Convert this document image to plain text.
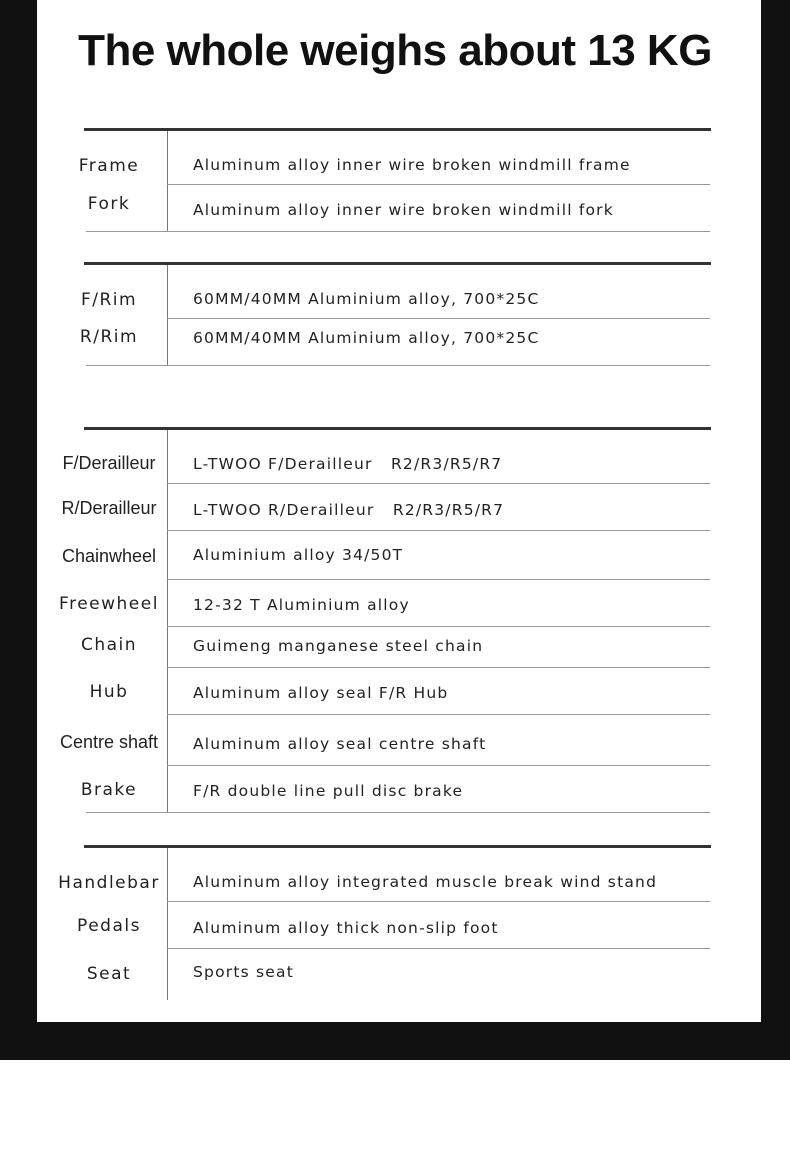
The whole weighs about 13 KG
Frame	Aluminum alloy inner wire broken windmill frame
Fork	Aluminum alloy inner wire broken windmill fork
F/Rim	60MM/40MM Aluminium alloy, 700*25C
R/Rim	60MM/40MM Aluminium alloy, 700*25C
F/Derailleur	L-TWOO F/Derailleur   R2/R3/R5/R7
R/Derailleur	L-TWOO R/Derailleur   R2/R3/R5/R7
Chainwheel	Aluminium alloy 34/50T
Freewheel	12-32 T Aluminium alloy
Chain	Guimeng manganese steel chain
Hub	Aluminum alloy seal F/R Hub
Centre shaft	Aluminum alloy seal centre shaft
Brake	F/R double line pull disc brake
Handlebar	Aluminum alloy integrated muscle break wind stand
Pedals	Aluminum alloy thick non-slip foot
Seat	Sports seat
